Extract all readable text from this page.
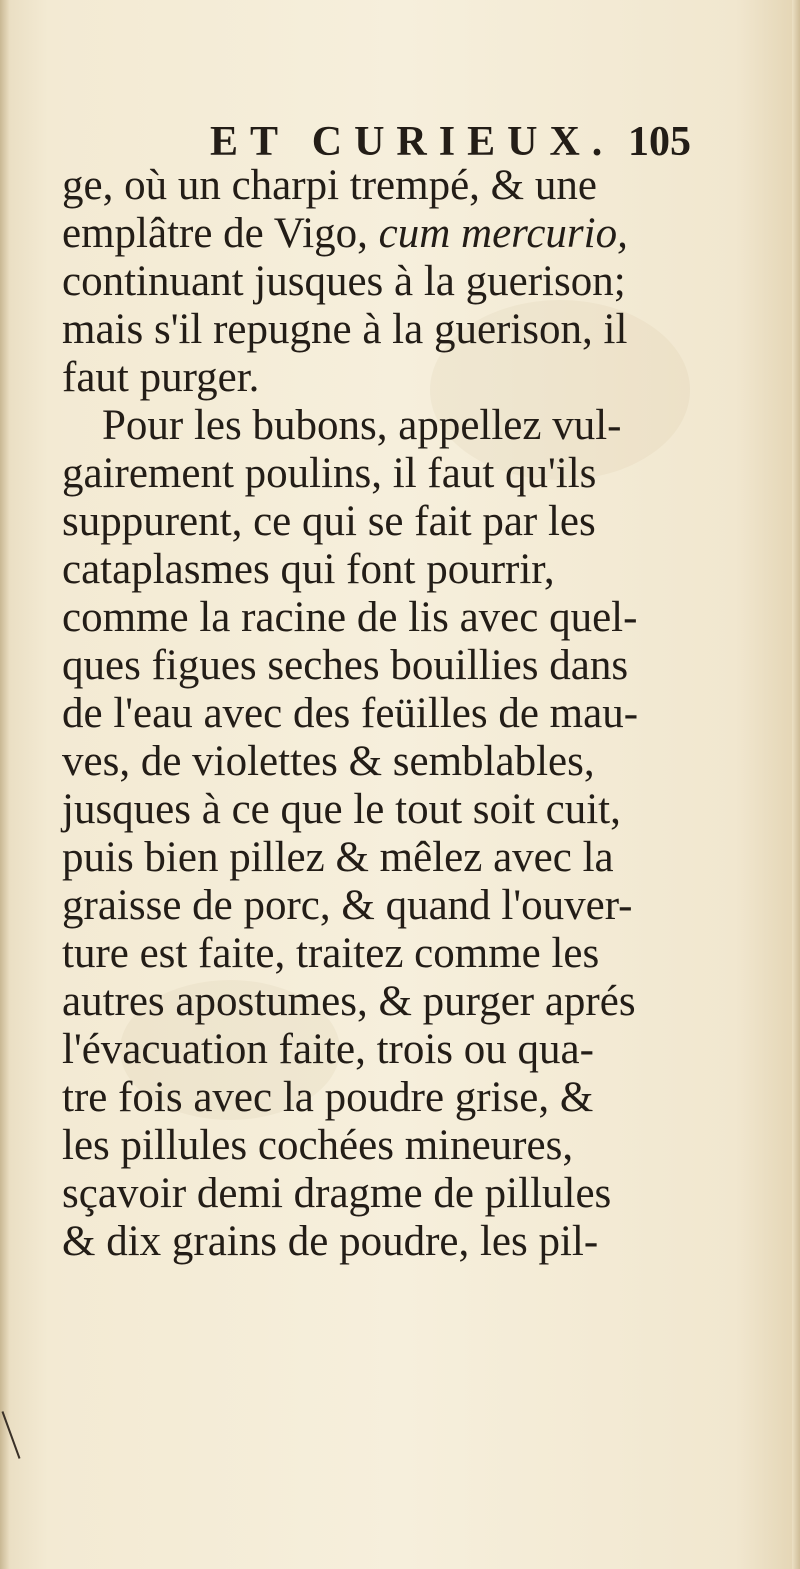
ET CURIEUX. 105
ge, où un charpi trempé, & une
emplâtre de Vigo, cum mercurio,
continuant jusques à la guerison;
mais s'il repugne à la guerison, il
faut purger.
Pour les bubons, appellez vul-
gairement poulins, il faut qu'ils
suppurent, ce qui se fait par les
cataplasmes qui font pourrir,
comme la racine de lis avec quel-
ques figues seches bouillies dans
de l'eau avec des feüilles de mau-
ves, de violettes & semblables,
jusques à ce que le tout soit cuit,
puis bien pillez & mêlez avec la
graisse de porc, & quand l'ouver-
ture est faite, traitez comme les
autres apostumes, & purger aprés
l'évacuation faite, trois ou qua-
tre fois avec la poudre grise, &
les pillules cochées mineures,
sçavoir demi dragme de pillules
& dix grains de poudre, les pil-
